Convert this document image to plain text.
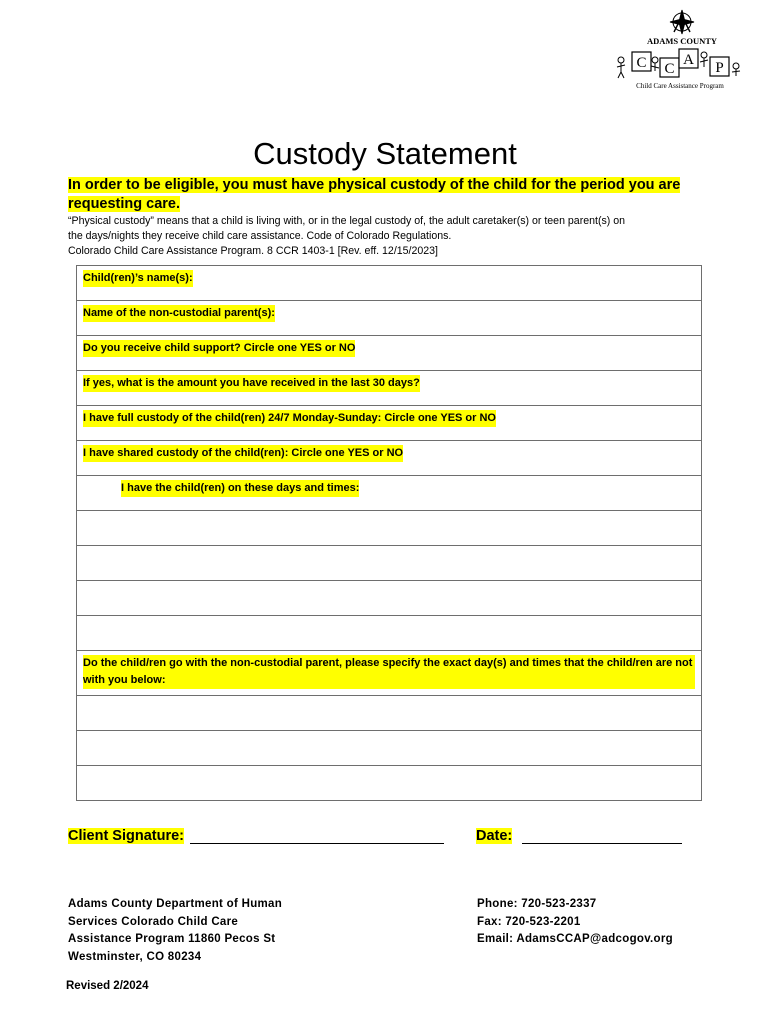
ADAMS COUNTY
C C
A P
Child Care Assistance Program
Custody Statement
In order to be eligible, you must have physical custody of the child for the period you are requesting care.
“Physical custody” means that a child is living with, or in the legal custody of, the adult caretaker(s) or teen parent(s) on
the days/nights they receive child care assistance. Code of Colorado Regulations.
Colorado Child Care Assistance Program. 8 CCR 1403-1 [Rev. eff. 12/15/2023]
Child(ren)’s name(s):
Name of the non-custodial parent(s):
Do you receive child support? Circle one YES or NO
If yes, what is the amount you have received in the last 30 days?
I have full custody of the child(ren) 24/7 Monday-Sunday: Circle one YES or NO
I have shared custody of the child(ren): Circle one YES or NO
I have the child(ren) on these days and times:

Do the child/ren go with the non-custodial parent, please specify the exact day(s) and times that the child/ren are not with you below:

Client Signature:	Date:
Adams County Department of Human
Services Colorado Child Care
Assistance Program 11860 Pecos St
Westminster, CO 80234
Phone: 720-523-2337
Fax: 720-523-2201
Email: AdamsCCAP@adcogov.org
Revised 2/2024
